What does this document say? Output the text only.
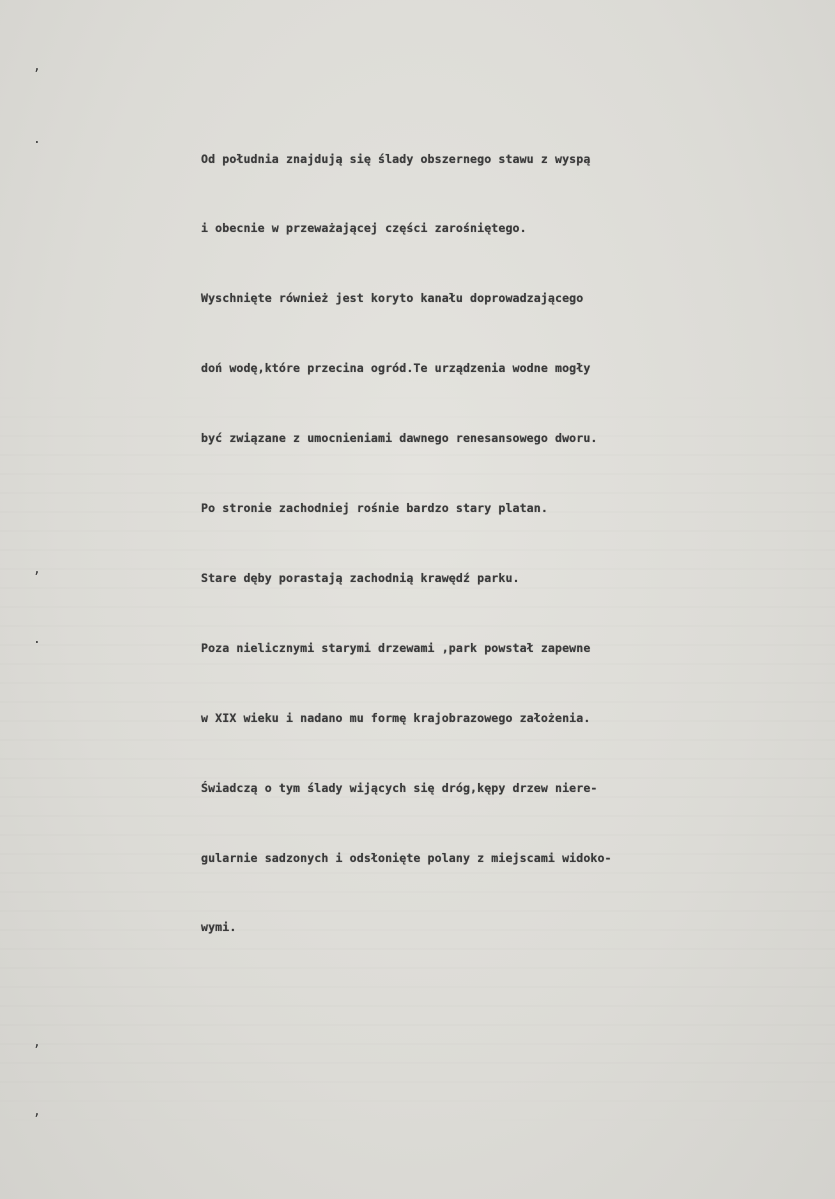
,
.
,
.
,
,

Od południa znajdują się ślady obszernego stawu z wyspą

i obecnie w przeważającej części zarośniętego.

Wyschnięte również jest koryto kanału doprowadzającego

doń wodę,które przecina ogród.Te urządzenia wodne mogły

być związane z umocnieniami dawnego renesansowego dworu.

Po stronie zachodniej rośnie bardzo stary platan.

Stare dęby porastają zachodnią krawędź parku.

Poza nielicznymi starymi drzewami ,park powstał zapewne

w XIX wieku i nadano mu formę krajobrazowego założenia.

Świadczą o tym ślady wijących się dróg,kępy drzew niere-

gularnie sadzonych i odsłonięte polany z miejscami widoko-

wymi.
